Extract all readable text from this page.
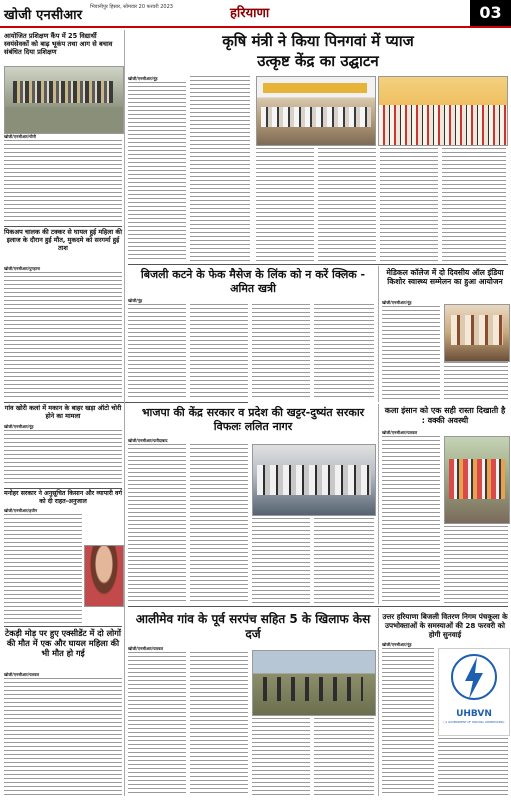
खोजी एनसीआर
भिवानीपुर हिसार, सोमवार 20 फरवरी 2023	हरियाणा	03
आयोजित प्रशिक्षण कैंप में 25 विद्यार्थी स्वयंसेवकों को बाढ़ भूकंप तथा आग से बचाव संबंधित दिया प्रशिक्षण
खोजी/एनसीआर/चीनी
पिकअप चालक की टक्कर से घायल हुई महिला की इलाज के दौरान हुई मौत, मुकदमे को सरगर्मा हुई ताश
खोजी/एनसीआर/पुनहाना
गांव खोरी कलां में मकान के बाहर खड़ा ऑटो चोरी होने का मामला
खोजी/एनसीआर/नूंह
मनोहर सरकार ने अनुसूचित किसान और व्यापारी वर्ग को दी राहत-अनुजाल
खोजी/एनसीआर/हथीन
टेकड़ी मोड़ पर हुए एक्सीडेंट में दो लोगों की मौत में एक और घायल महिला की भी मौत हो गई
खोजी/एनसीआर/पलवल
कृषि मंत्री ने किया पिनगवां में प्याज
उत्कृष्ट केंद्र का उद्घाटन
खोजी/एनसीआर/नूंह
बिजली कटने के फेक मैसेज के लिंक को न करें क्लिक - अमित खत्री
खोजी/नूंह
मेडिकल कॉलेज में दो दिवसीय ऑल इंडिया किशोर स्वास्थ्य सम्मेलन का हुआ आयोजन
खोजी/एनसीआर/नूंह
भाजपा की केंद्र सरकार व प्रदेश की खट्टर-दुष्यंत सरकार विफलः ललित नागर
खोजी/एनसीआर/फरीदाबाद
कला इंसान को एक सही रास्ता दिखाती है : वक्की अवस्थी
खोजी/एनसीआर/पलवल
आलीमेव गांव के पूर्व सरपंच सहित 5 के खिलाफ केस दर्ज
खोजी/एनसीआर/पलवल
उत्तर हरियाणा बिजली वितरण निगम पंचकूला के उपभोक्ताओं के समस्याओं की 28 फरवरी को होगी सुनवाई
खोजी/एनसीआर/नूंह
UHBVN
( A GOVERNMENT OF HARYANA UNDERTAKING)
